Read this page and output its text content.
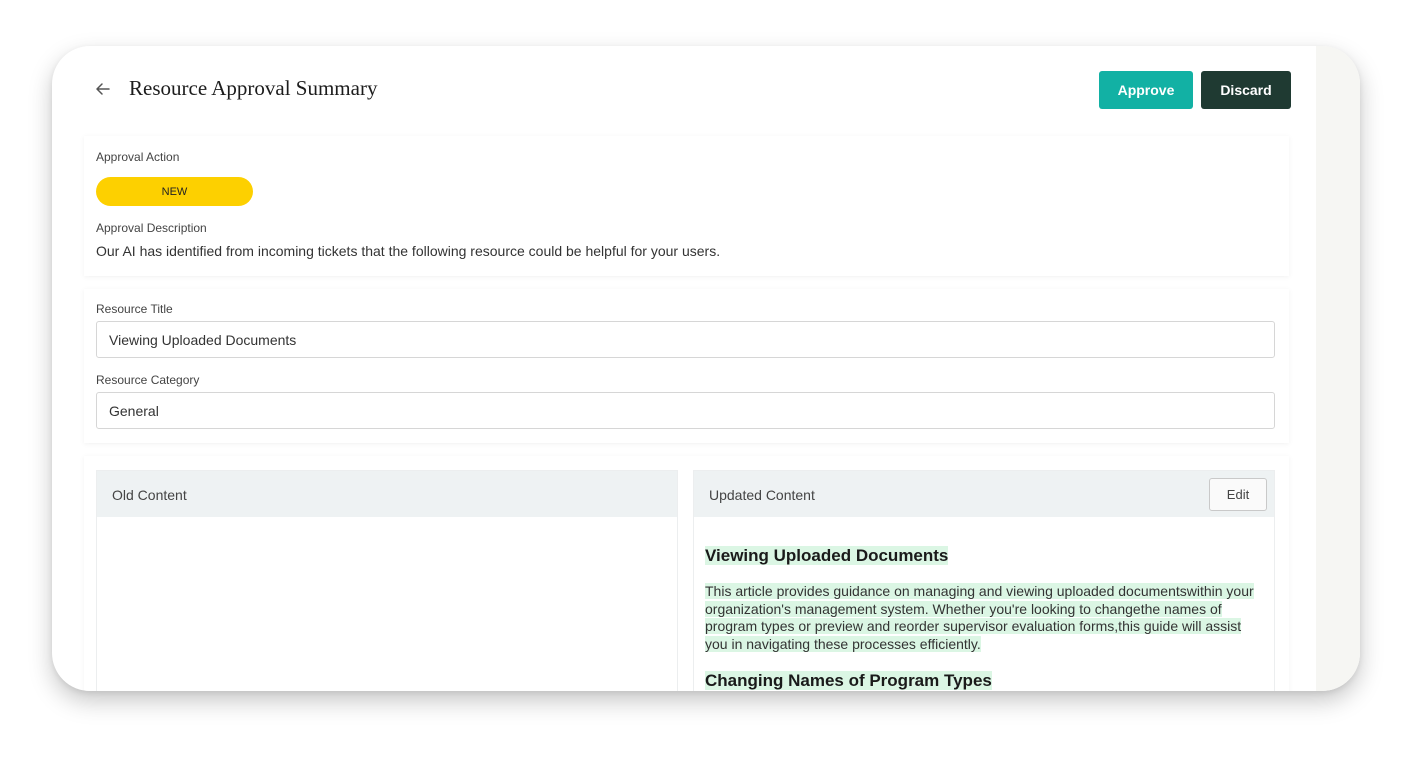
Resource Approval Summary	Approve	Discard
Approval Action
NEW
Approval Description
Our AI has identified from incoming tickets that the following resource could be helpful for your users.
Resource Title
Viewing Uploaded Documents
Resource Category
General
Old Content	Updated Content	Edit
Viewing Uploaded Documents
This article provides guidance on managing and viewing uploaded documentswithin your organization's management system. Whether you're looking to changethe names of program types or preview and reorder supervisor evaluation forms,this guide will assist you in navigating these processes efficiently.
Changing Names of Program Types
